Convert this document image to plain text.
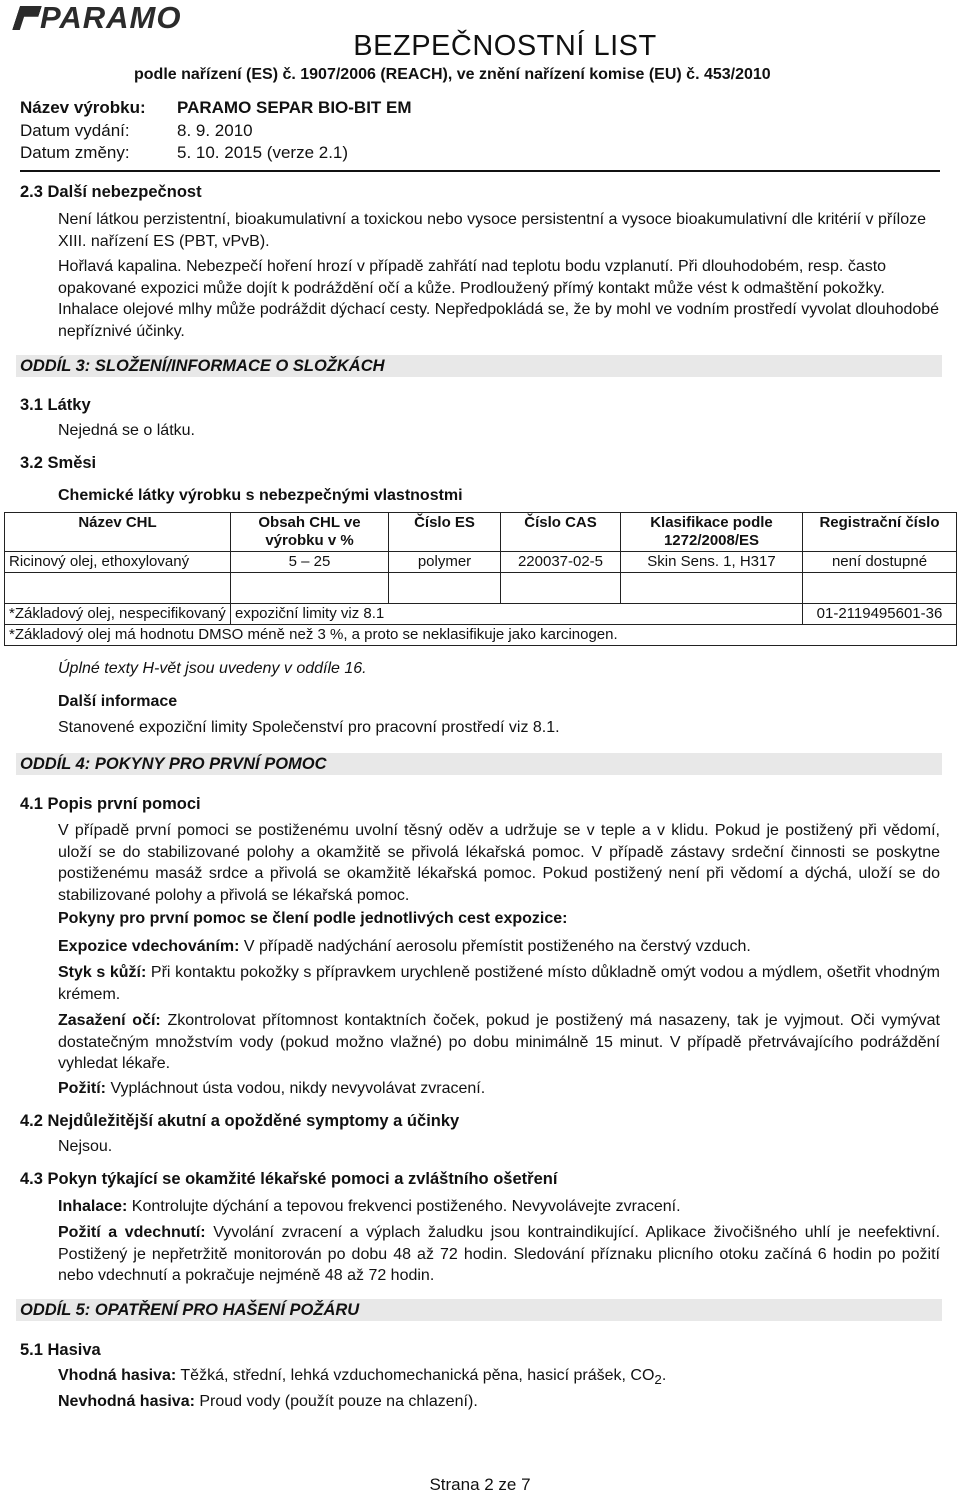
PARAMO
BEZPEČNOSTNÍ LIST
podle nařízení (ES) č. 1907/2006 (REACH), ve znění nařízení komise (EU) č. 453/2010
Název výrobku: PARAMO SEPAR BIO-BIT EM
Datum vydání:	8. 9. 2010
Datum změny:	5. 10. 2015 (verze 2.1)
2.3 Další nebezpečnost
Není látkou perzistentní, bioakumulativní a toxickou nebo vysoce persistentní a vysoce bioakumulativní dle kritérií v příloze XIII. nařízení ES (PBT, vPvB).
Hořlavá kapalina. Nebezpečí hoření hrozí v případě zahřátí nad teplotu bodu vzplanutí. Při dlouhodobém, resp. často opakované expozici může dojít k podráždění očí a kůže. Prodloužený přímý kontakt může vést k odmaštění pokožky. Inhalace olejové mlhy může podráždit dýchací cesty. Nepředpokládá se, že by mohl ve vodním prostředí vyvolat dlouhodobé nepříznivé účinky.
ODDÍL 3: SLOŽENÍ/INFORMACE O SLOŽKÁCH
3.1 Látky
Nejedná se o látku.
3.2 Směsi
Chemické látky výrobku s nebezpečnými vlastnostmi
Název CHL	Obsah CHL ve výrobku v %	Číslo ES	Číslo CAS	Klasifikace podle 1272/2008/ES	Registrační číslo
Ricinový olej, ethoxylovaný	5 – 25	polymer	220037-02-5	Skin Sens. 1, H317	není dostupné

*Základový olej, nespecifikovaný	expoziční limity viz 8.1				01-2119495601-36
*Základový olej má hodnotu DMSO méně než 3 %, a proto se neklasifikuje jako karcinogen.					
Úplné texty H-vět jsou uvedeny v oddíle 16.
Další informace
Stanovené expoziční limity Společenství pro pracovní prostředí viz 8.1.
ODDÍL 4: POKYNY PRO PRVNÍ POMOC
4.1 Popis první pomoci
V případě první pomoci se postiženému uvolní těsný oděv a udržuje se v teple a v klidu. Pokud je postižený při vědomí, uloží se do stabilizované polohy a okamžitě se přivolá lékařská pomoc. V případě zástavy srdeční činnosti se poskytne postiženému masáž srdce a přivolá se okamžitě lékařská pomoc. Pokud postižený není při vědomí a dýchá, uloží se do stabilizované polohy a přivolá se lékařská pomoc.
Pokyny pro první pomoc se člení podle jednotlivých cest expozice:
Expozice vdechováním: V případě nadýchání aerosolu přemístit postiženého na čerstvý vzduch.
Styk s kůží: Při kontaktu pokožky s přípravkem urychleně postižené místo důkladně omýt vodou a mýdlem, ošetřit vhodným krémem.
Zasažení očí: Zkontrolovat přítomnost kontaktních čoček, pokud je postižený má nasazeny, tak je vyjmout. Oči vymývat dostatečným množstvím vody (pokud možno vlažné) po dobu minimálně 15 minut. V případě přetrvávajícího podráždění vyhledat lékaře.
Požití: Vypláchnout ústa vodou, nikdy nevyvolávat zvracení.
4.2 Nejdůležitější akutní a opožděné symptomy a účinky
Nejsou.
4.3 Pokyn týkající se okamžité lékařské pomoci a zvláštního ošetření
Inhalace: Kontrolujte dýchání a tepovou frekvenci postiženého. Nevyvolávejte zvracení.
Požití a vdechnutí: Vyvolání zvracení a výplach žaludku jsou kontraindikující. Aplikace živočišného uhlí je neefektivní. Postižený je nepřetržitě monitorován po dobu 48 až 72 hodin. Sledování příznaku plicního otoku začíná 6 hodin po požití nebo vdechnutí a pokračuje nejméně 48 až 72 hodin.
ODDÍL 5: OPATŘENÍ PRO HAŠENÍ POŽÁRU
5.1 Hasiva
Vhodná hasiva: Těžká, střední, lehká vzduchomechanická pěna, hasicí prášek, $CO_2$.
Nevhodná hasiva: Proud vody (použít pouze na chlazení).
Strana 2 ze 7
